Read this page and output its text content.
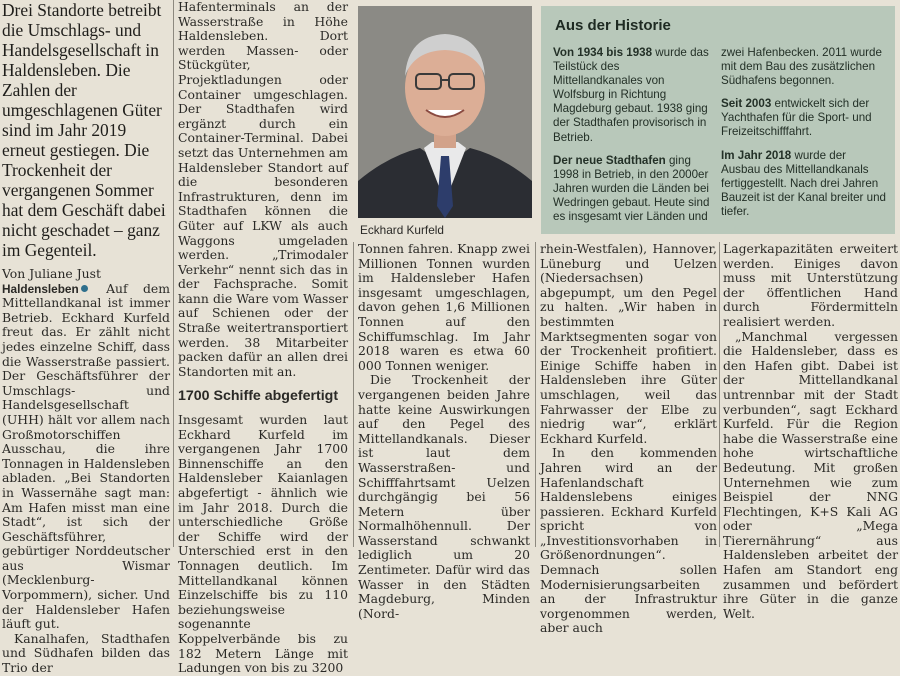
Drei Standorte betreibt die Umschlags- und Handelsgesellschaft in Haldensleben. Die Zahlen der umgeschlagenen Güter sind im Jahr 2019 erneut gestiegen. Die Trockenheit der vergangenen Sommer hat dem Geschäft dabei nicht geschadet – ganz im Gegenteil.

Von Juliane Just

Haldensleben Auf dem Mittellandkanal ist immer Betrieb. Eckhard Kurfeld freut das. Er zählt nicht jedes einzelne Schiff, dass die Wasserstraße passiert. Der Geschäftsführer der Umschlags- und Handelsgesellschaft (UHH) hält vor allem nach Großmotorschiffen Ausschau, die ihre Tonnagen in Haldensleben abladen. „Bei Standorten in Wassernähe sagt man: Am Hafen misst man eine Stadt“, ist sich der Geschäftsführer, gebürtiger Norddeutscher aus Wismar (Mecklenburg-Vorpommern), sicher. Und der Haldensleber Hafen läuft gut.

Kanalhafen, Stadthafen und Südhafen bilden das Trio der

Hafenterminals an der Wasserstraße in Höhe Haldensleben. Dort werden Massen- oder Stückgüter, Projektladungen oder Container umgeschlagen. Der Stadthafen wird ergänzt durch ein Container-Terminal. Dabei setzt das Unternehmen am Haldensleber Standort auf die besonderen Infrastrukturen, denn im Stadthafen können die Güter auf LKW als auch Waggons umgeladen werden. „Trimodaler Verkehr“ nennt sich das in der Fachsprache. Somit kann die Ware vom Wasser auf Schienen oder der Straße weitertransportiert werden. 38 Mitarbeiter packen dafür an allen drei Standorten mit an.

1700 Schiffe abgefertigt

Insgesamt wurden laut Eckhard Kurfeld im vergangenen Jahr 1700 Binnenschiffe an den Haldensleber Kaianlagen abgefertigt - ähnlich wie im Jahr 2018. Durch die unterschiedliche Größe der Schiffe wird der Unterschied erst in den Tonnagen deutlich. Im Mittellandkanal können Einzelschiffe bis zu 110 beziehungsweise sogenannte Koppelverbände bis zu 182 Metern Länge mit Ladungen von bis zu 3200

Eckhard Kurfeld
Aus der Historie

Von 1934 bis 1938 wurde das Teilstück des Mittellandkanales von Wolfsburg in Richtung Magdeburg gebaut. 1938 ging der Stadthafen provisorisch in Betrieb.

Der neue Stadthafen ging 1998 in Betrieb, in den 2000er Jahren wurden die Länden bei Wedringen gebaut. Heute sind es insgesamt vier Länden und

zwei Hafenbecken. 2011 wurde mit dem Bau des zusätzlichen Südhafens begonnen.

Seit 2003 entwickelt sich der Yachthafen für die Sport- und Freizeitschifffahrt.

Im Jahr 2018 wurde der Ausbau des Mittellandkanals fertiggestellt. Nach drei Jahren Bauzeit ist der Kanal breiter und tiefer.

Tonnen fahren. Knapp zwei Millionen Tonnen wurden im Haldensleber Hafen insgesamt umgeschlagen, davon gehen 1,6 Millionen Tonnen auf den Schiffumschlag. Im Jahr 2018 waren es etwa 60 000 Tonnen weniger.

Die Trockenheit der vergangenen beiden Jahre hatte keine Auswirkungen auf den Pegel des Mittellandkanals. Dieser ist laut dem Wasserstraßen- und Schifffahrtsamt Uelzen durchgängig bei 56 Metern über Normalhöhennull. Der Wasserstand schwankt lediglich um 20 Zentimeter. Dafür wird das Wasser in den Städten Magdeburg, Minden (Nord-

rhein-Westfalen), Hannover, Lüneburg und Uelzen (Niedersachsen) abgepumpt, um den Pegel zu halten. „Wir haben in bestimmten Marktsegmenten sogar von der Trockenheit profitiert. Einige Schiffe haben in Haldensleben ihre Güter umschlagen, weil das Fahrwasser der Elbe zu niedrig war“, erklärt Eckhard Kurfeld.

In den kommenden Jahren wird an der Hafenlandschaft Haldenslebens einiges passieren. Eckhard Kurfeld spricht von „Investitionsvorhaben in Größenordnungen“. Demnach sollen Modernisierungsarbeiten an der Infrastruktur vorgenommen werden, aber auch

Lagerkapazitäten erweitert werden. Einiges davon muss mit Unterstützung der öffentlichen Hand durch Fördermitteln realisiert werden.

„Manchmal vergessen die Haldensleber, dass es den Hafen gibt. Dabei ist der Mittellandkanal untrennbar mit der Stadt verbunden“, sagt Eckhard Kurfeld. Für die Region habe die Wasserstraße eine hohe wirtschaftliche Bedeutung. Mit großen Unternehmen wie zum Beispiel der NNG Flechtingen, K+S Kali AG oder „Mega Tierernährung“ aus Haldensleben arbeitet der Hafen am Standort eng zusammen und befördert ihre Güter in die ganze Welt.
